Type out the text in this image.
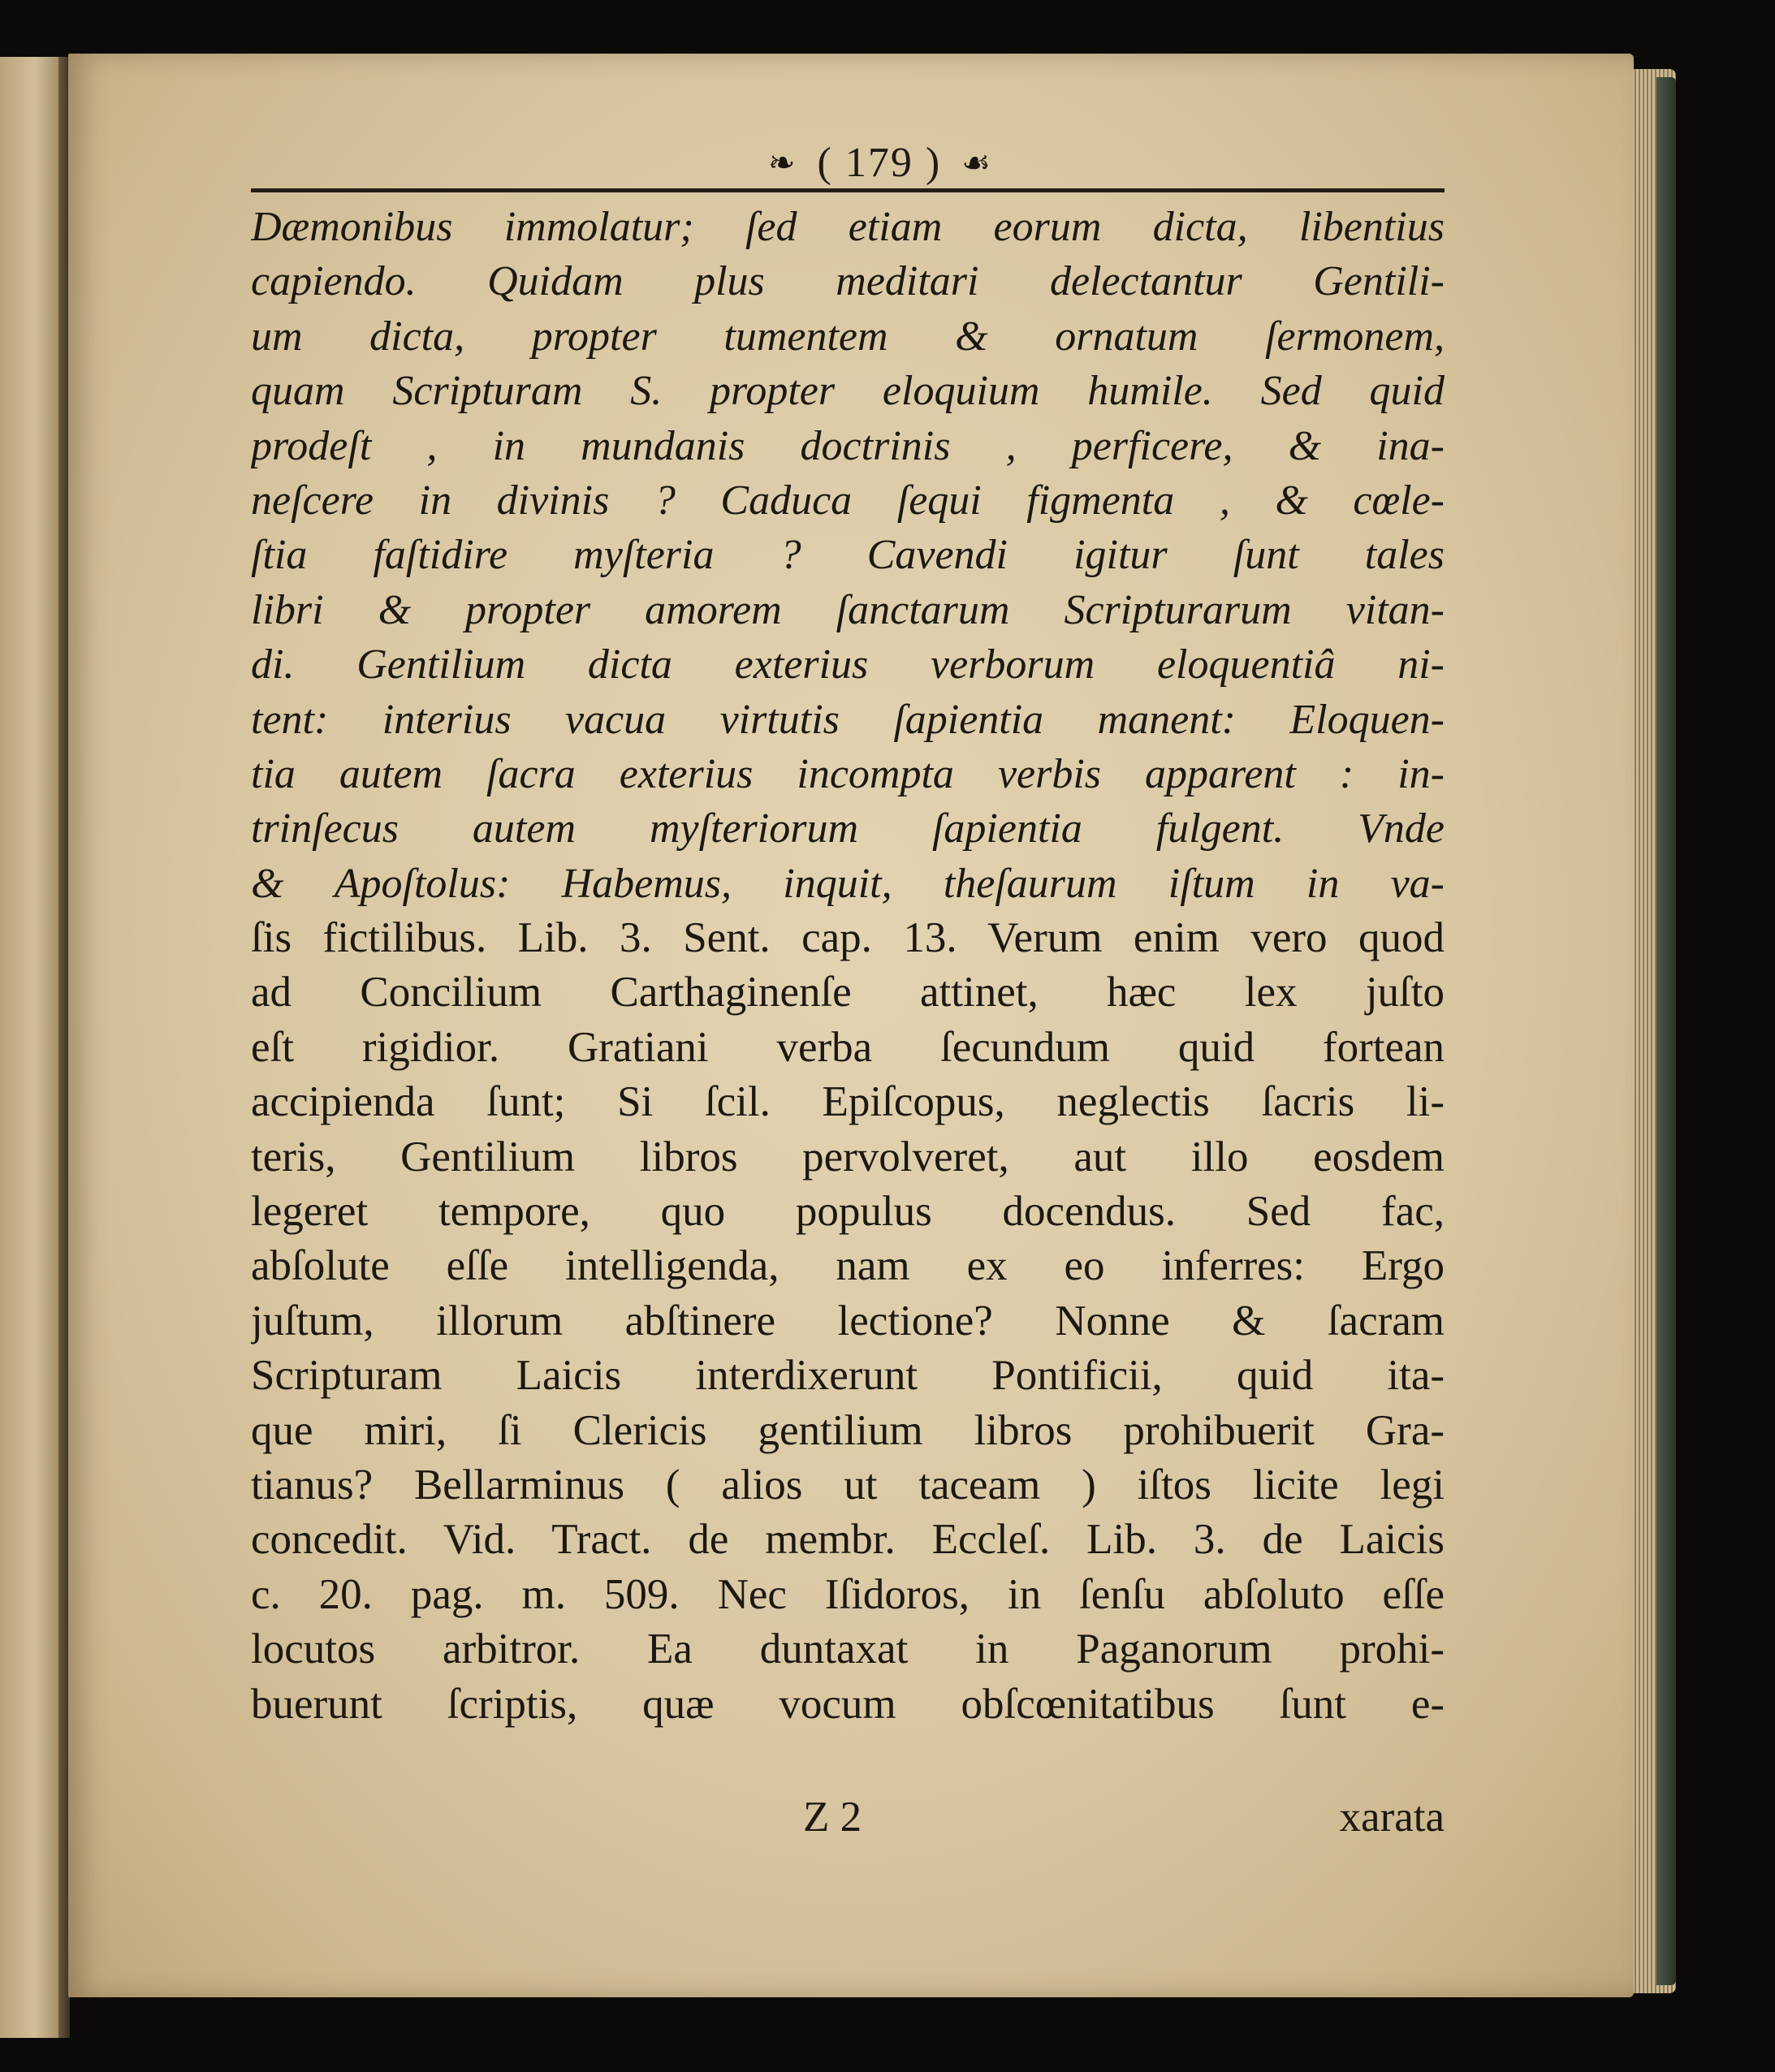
❧ ( 179 ) ☙
Dæmonibus immolatur; ſed etiam eorum dicta, libentius
capiendo. Quidam plus meditari delectantur Gentili-
um dicta, propter tumentem & ornatum ſermonem,
quam Scripturam S. propter eloquium humile. Sed quid
prodeſt , in mundanis doctrinis , perficere, & ina-
neſcere in divinis ? Caduca ſequi figmenta , & cœle-
ſtia faſtidire myſteria ? Cavendi igitur ſunt tales
libri & propter amorem ſanctarum Scripturarum vitan-
di. Gentilium dicta exterius verborum eloquentiâ ni-
tent: interius vacua virtutis ſapientia manent: Eloquen-
tia autem ſacra exterius incompta verbis apparent : in-
trinſecus autem myſteriorum ſapientia fulgent. Vnde
& Apoſtolus: Habemus, inquit, theſaurum iſtum in va-
ſis fictilibus. Lib. 3. Sent. cap. 13. Verum enim vero quod
ad Concilium Carthaginenſe attinet, hæc lex juſto
eſt rigidior. Gratiani verba ſecundum quid fortean
accipienda ſunt; Si ſcil. Epiſcopus, neglectis ſacris li-
teris, Gentilium libros pervolveret, aut illo eosdem
legeret tempore, quo populus docendus. Sed fac,
abſolute eſſe intelligenda, nam ex eo inferres: Ergo
juſtum, illorum abſtinere lectione? Nonne & ſacram
Scripturam Laicis interdixerunt Pontificii, quid ita-
que miri, ſi Clericis gentilium libros prohibuerit Gra-
tianus? Bellarminus ( alios ut taceam ) iſtos licite legi
concedit. Vid. Tract. de membr. Eccleſ. Lib. 3. de Laicis
c. 20. pag. m. 509. Nec Iſidoros, in ſenſu abſoluto eſſe
locutos arbitror. Ea duntaxat in Paganorum prohi-
buerunt ſcriptis, quæ vocum obſcœnitatibus ſunt e-
Z 2	xarata
